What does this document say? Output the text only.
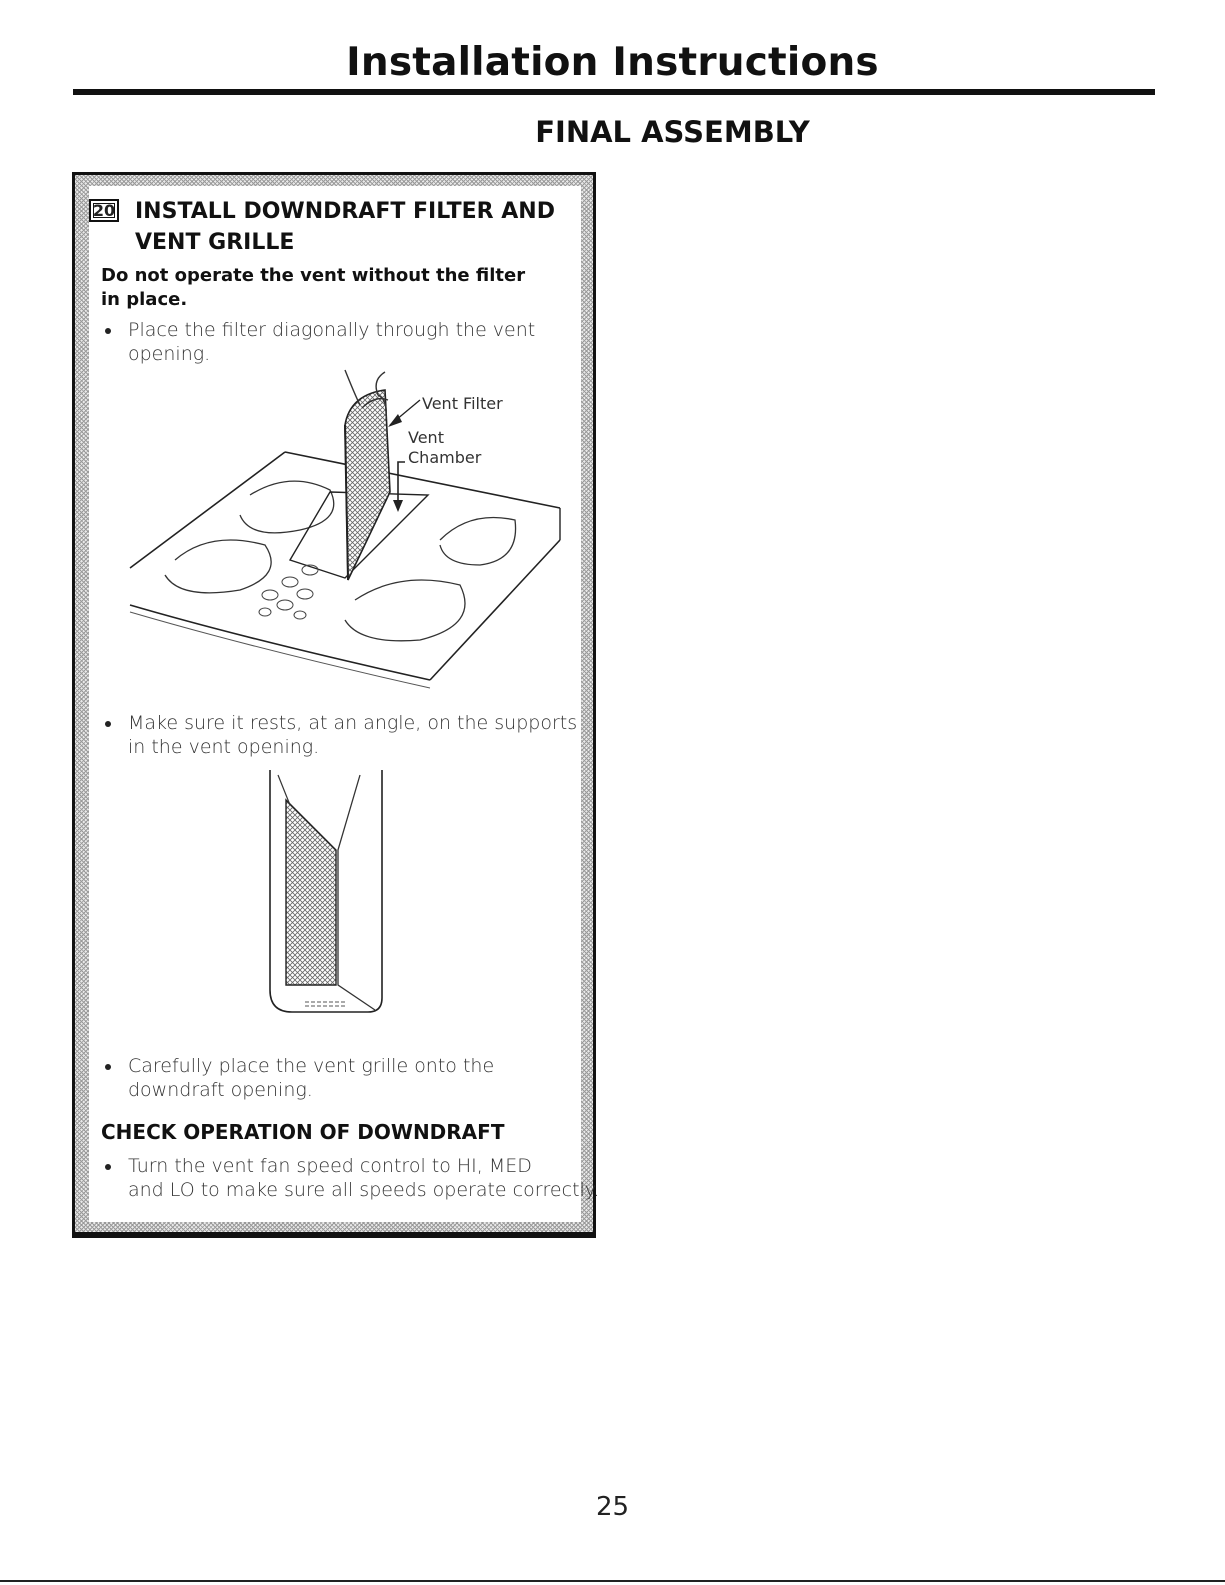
Installation Instructions
FINAL ASSEMBLY
20 INSTALL DOWNDRAFT FILTER AND
VENT GRILLE
Do not operate the vent without the filter
in place.
Place the filter diagonally through the vent
opening.
Vent Filter
Vent
Chamber
Make sure it rests, at an angle, on the supports
in the vent opening.
Carefully place the vent grille onto the
downdraft opening.
CHECK OPERATION OF DOWNDRAFT
Turn the vent fan speed control to HI, MED
and LO to make sure all speeds operate correctly.
25
